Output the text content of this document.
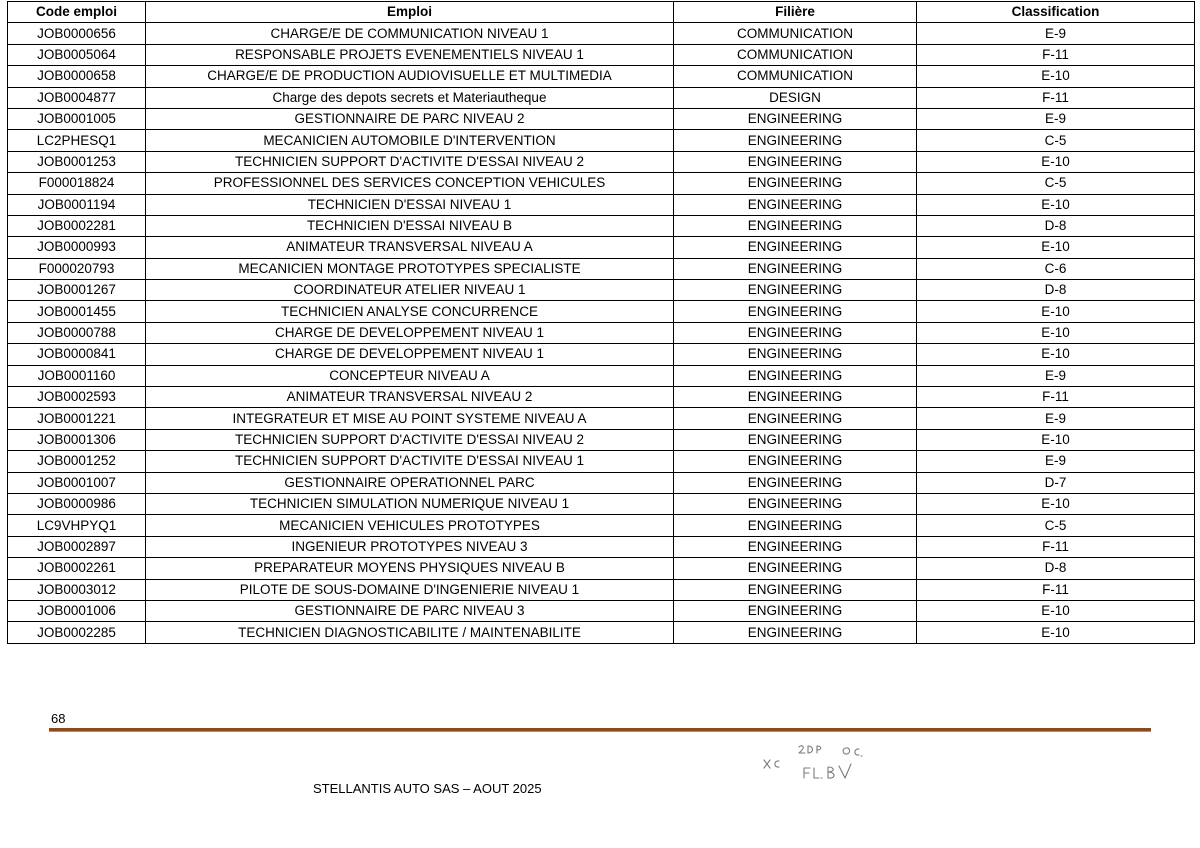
Code emploi	Emploi	Filière	Classification
JOB0000656	CHARGE/E DE COMMUNICATION NIVEAU 1	COMMUNICATION	E-9
JOB0005064	RESPONSABLE PROJETS EVENEMENTIELS NIVEAU 1	COMMUNICATION	F-11
JOB0000658	CHARGE/E DE PRODUCTION AUDIOVISUELLE ET MULTIMEDIA	COMMUNICATION	E-10
JOB0004877	Charge des depots secrets et Materiautheque	DESIGN	F-11
JOB0001005	GESTIONNAIRE DE PARC NIVEAU 2	ENGINEERING	E-9
LC2PHESQ1	MECANICIEN AUTOMOBILE D'INTERVENTION	ENGINEERING	C-5
JOB0001253	TECHNICIEN SUPPORT D'ACTIVITE D'ESSAI NIVEAU 2	ENGINEERING	E-10
F000018824	PROFESSIONNEL DES SERVICES CONCEPTION VEHICULES	ENGINEERING	C-5
JOB0001194	TECHNICIEN D'ESSAI NIVEAU 1	ENGINEERING	E-10
JOB0002281	TECHNICIEN D'ESSAI NIVEAU B	ENGINEERING	D-8
JOB0000993	ANIMATEUR TRANSVERSAL NIVEAU A	ENGINEERING	E-10
F000020793	MECANICIEN MONTAGE PROTOTYPES SPECIALISTE	ENGINEERING	C-6
JOB0001267	COORDINATEUR ATELIER NIVEAU 1	ENGINEERING	D-8
JOB0001455	TECHNICIEN ANALYSE CONCURRENCE	ENGINEERING	E-10
JOB0000788	CHARGE DE DEVELOPPEMENT NIVEAU 1	ENGINEERING	E-10
JOB0000841	CHARGE DE DEVELOPPEMENT NIVEAU 1	ENGINEERING	E-10
JOB0001160	CONCEPTEUR NIVEAU A	ENGINEERING	E-9
JOB0002593	ANIMATEUR TRANSVERSAL NIVEAU 2	ENGINEERING	F-11
JOB0001221	INTEGRATEUR ET MISE AU POINT SYSTEME NIVEAU A	ENGINEERING	E-9
JOB0001306	TECHNICIEN SUPPORT D'ACTIVITE D'ESSAI NIVEAU 2	ENGINEERING	E-10
JOB0001252	TECHNICIEN SUPPORT D'ACTIVITE D'ESSAI NIVEAU 1	ENGINEERING	E-9
JOB0001007	GESTIONNAIRE OPERATIONNEL PARC	ENGINEERING	D-7
JOB0000986	TECHNICIEN SIMULATION NUMERIQUE NIVEAU 1	ENGINEERING	E-10
LC9VHPYQ1	MECANICIEN VEHICULES PROTOTYPES	ENGINEERING	C-5
JOB0002897	INGENIEUR PROTOTYPES NIVEAU 3	ENGINEERING	F-11
JOB0002261	PREPARATEUR MOYENS PHYSIQUES NIVEAU B	ENGINEERING	D-8
JOB0003012	PILOTE DE SOUS-DOMAINE D'INGENIERIE NIVEAU 1	ENGINEERING	F-11
JOB0001006	GESTIONNAIRE DE PARC NIVEAU 3	ENGINEERING	E-10
JOB0002285	TECHNICIEN DIAGNOSTICABILITE / MAINTENABILITE	ENGINEERING	E-10
68
STELLANTIS AUTO SAS – AOUT 2025
